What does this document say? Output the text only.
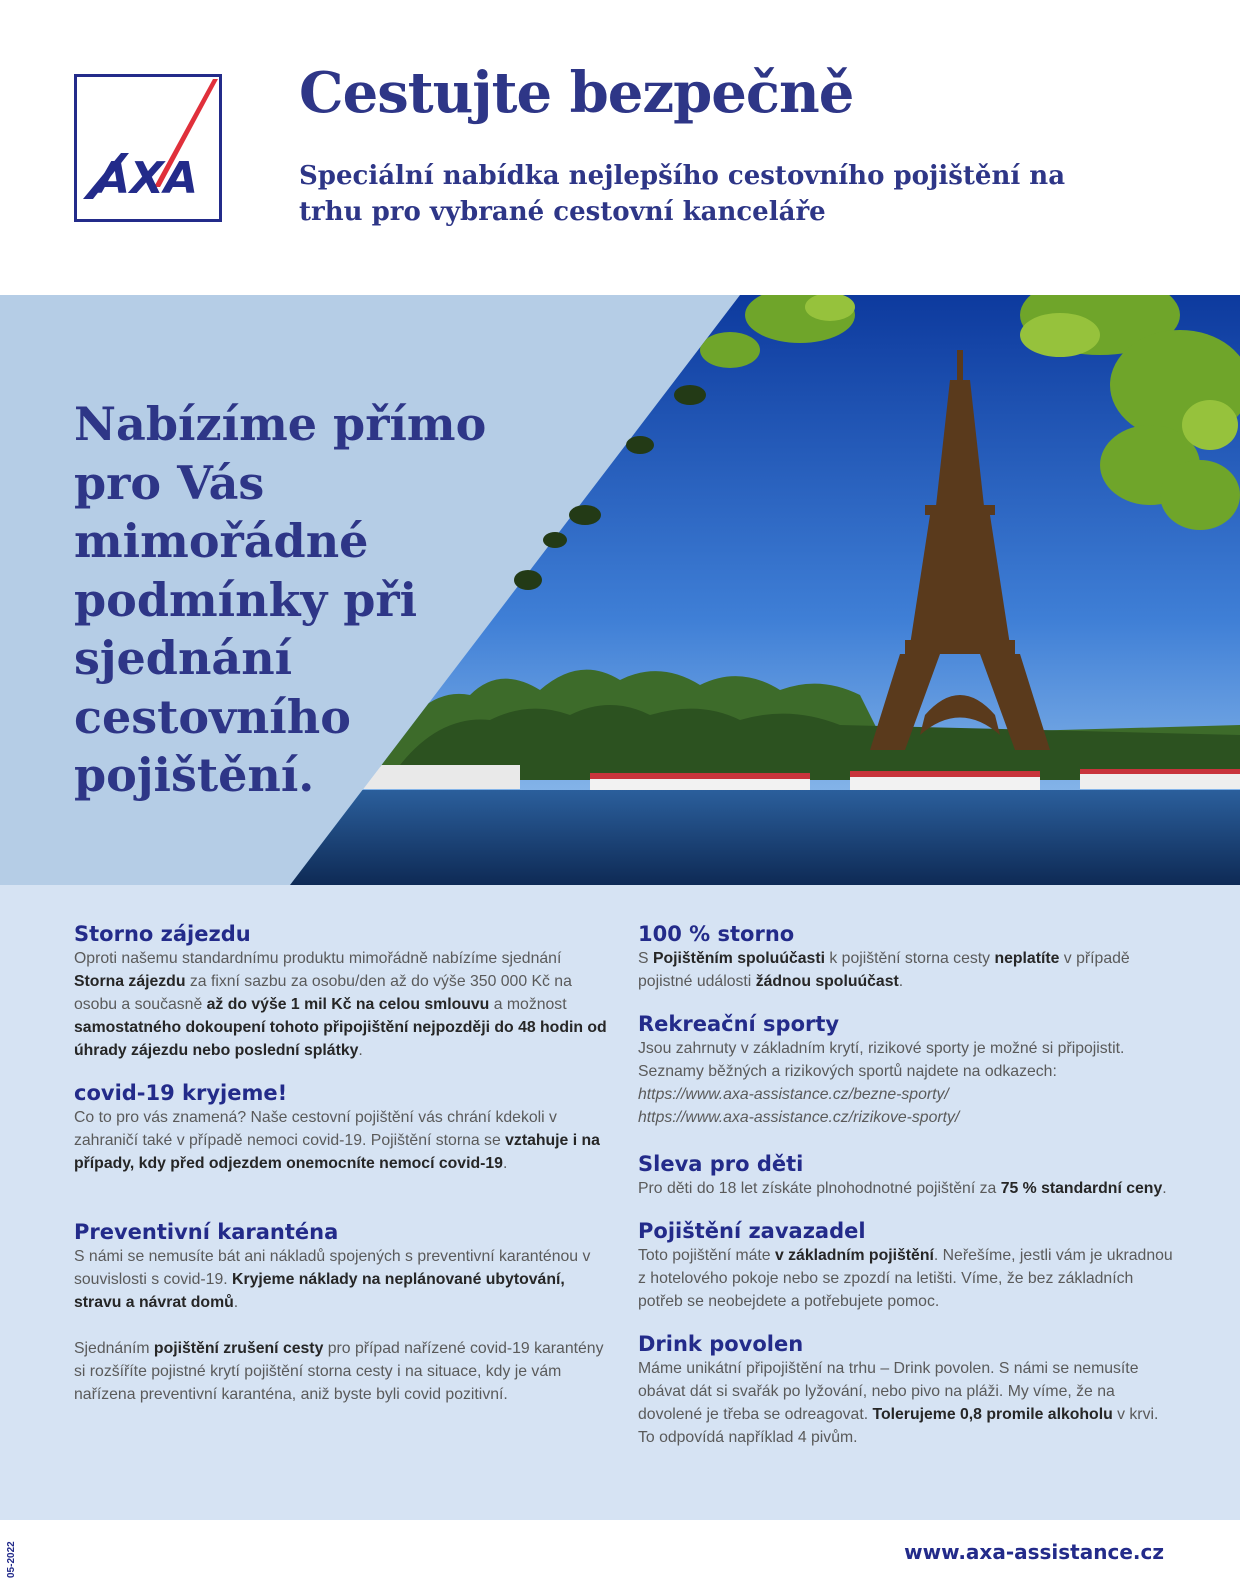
AXA
Cestujte bezpečně
Speciální nabídka nejlepšího cestovního pojištění na trhu pro vybrané cestovní kanceláře
Nabízíme přímo pro Vás mimořádné podmínky při sjednání cestovního pojištění.
Storno zájezdu

Oproti našemu standardnímu produktu mimořádně nabízíme sjednání Storna zájezdu za fixní sazbu za osobu/den až do výše 350 000 Kč na osobu a současně až do výše 1 mil Kč na celou smlouvu a možnost samostatného dokoupení tohoto připojištění nejpozději do 48 hodin od úhrady zájezdu nebo poslední splátky.

covid-19 kryjeme!

Co to pro vás znamená? Naše cestovní pojištění vás chrání kdekoli v zahraničí také v případě nemoci covid-19. Pojištění storna se vztahuje i na případy, kdy před odjezdem onemocníte nemocí covid-19.

Preventivní karanténa

S námi se nemusíte bát ani nákladů spojených s preventivní karanténou v souvislosti s covid-19. Kryjeme náklady na neplánované ubytování, stravu a návrat domů.

Sjednáním pojištění zrušení cesty pro případ nařízené covid-19 karantény si rozšíříte pojistné krytí pojištění storna cesty i na situace, kdy je vám nařízena preventivní karanténa, aniž byste byli covid pozitivní.

100 % storno

S Pojištěním spoluúčasti k pojištění storna cesty neplatíte v případě pojistné události žádnou spoluúčast.

Rekreační sporty

Jsou zahrnuty v základním krytí, rizikové sporty je možné si připojistit. Seznamy běžných a rizikových sportů najdete na odkazech:
https://www.axa-assistance.cz/bezne-sporty/
https://www.axa-assistance.cz/rizikove-sporty/

Sleva pro děti

Pro děti do 18 let získáte plnohodnotné pojištění za 75 % standardní ceny.

Pojištění zavazadel

Toto pojištění máte v základním pojištění. Neřešíme, jestli vám je ukradnou z hotelového pokoje nebo se zpozdí na letišti. Víme, že bez základních potřeb se neobejdete a potřebujete pomoc.

Drink povolen

Máme unikátní připojištění na trhu – Drink povolen. S námi se nemusíte obávat dát si svařák po lyžování, nebo pivo na pláži. My víme, že na dovolené je třeba se odreagovat. Tolerujeme 0,8 promile alkoholu v krvi. To odpovídá například 4 pivům.

05-2022	www.axa-assistance.cz
